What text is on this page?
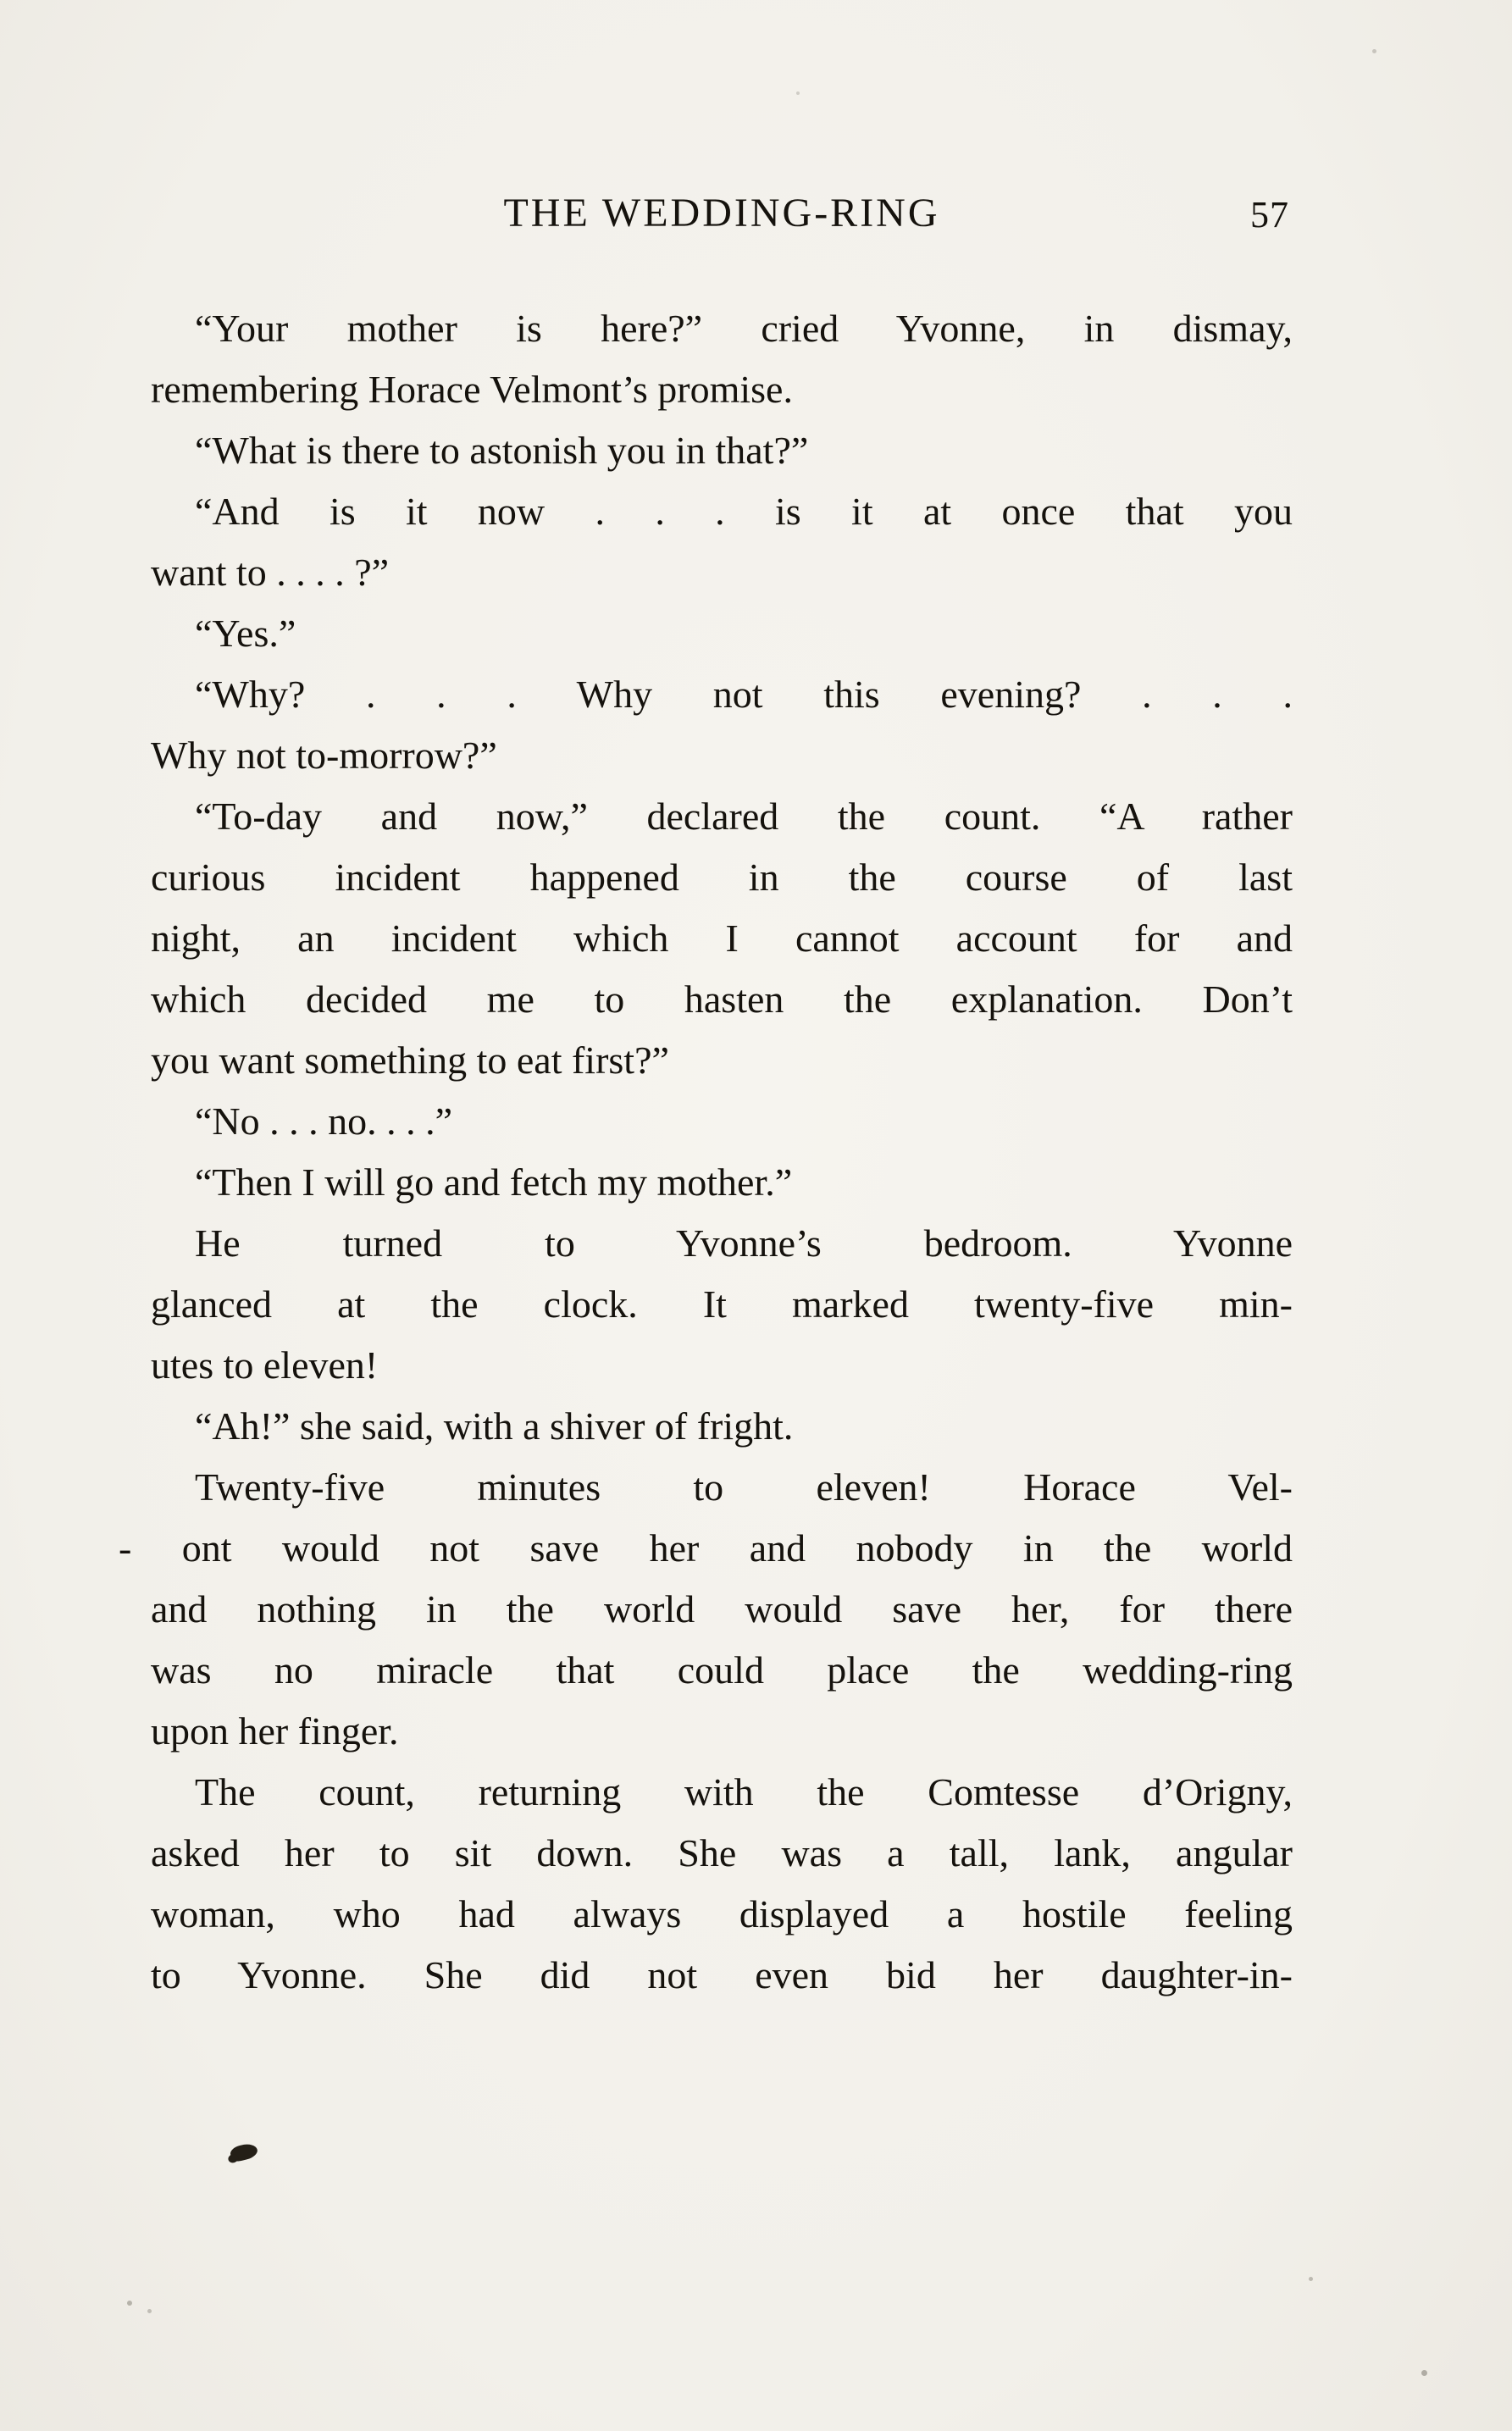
THE WEDDING-RING	57
“Your mother is here?” cried Yvonne, in dismay,
remembering Horace Velmont’s promise.
“What is there to astonish you in that?”
“And is it now . . . is it at once that you
want to . . . . ?”
“Yes.”
“Why? . . . Why not this evening? . . .
Why not to-morrow?”
“To-day and now,” declared the count. “A rather
curious incident happened in the course of last
night, an incident which I cannot account for and
which decided me to hasten the explanation. Don’t
you want something to eat first?”
“No . . . no. . . .”
“Then I will go and fetch my mother.”
He turned to Yvonne’s bedroom. Yvonne
glanced at the clock. It marked twenty-five min-
utes to eleven!
“Ah!” she said, with a shiver of fright.
Twenty-five minutes to eleven! Horace Vel-
- ont would not save her and nobody in the world
and nothing in the world would save her, for there
was no miracle that could place the wedding-ring
upon her finger.
The count, returning with the Comtesse d’Origny,
asked her to sit down. She was a tall, lank, angular
woman, who had always displayed a hostile feeling
to Yvonne. She did not even bid her daughter-in-
